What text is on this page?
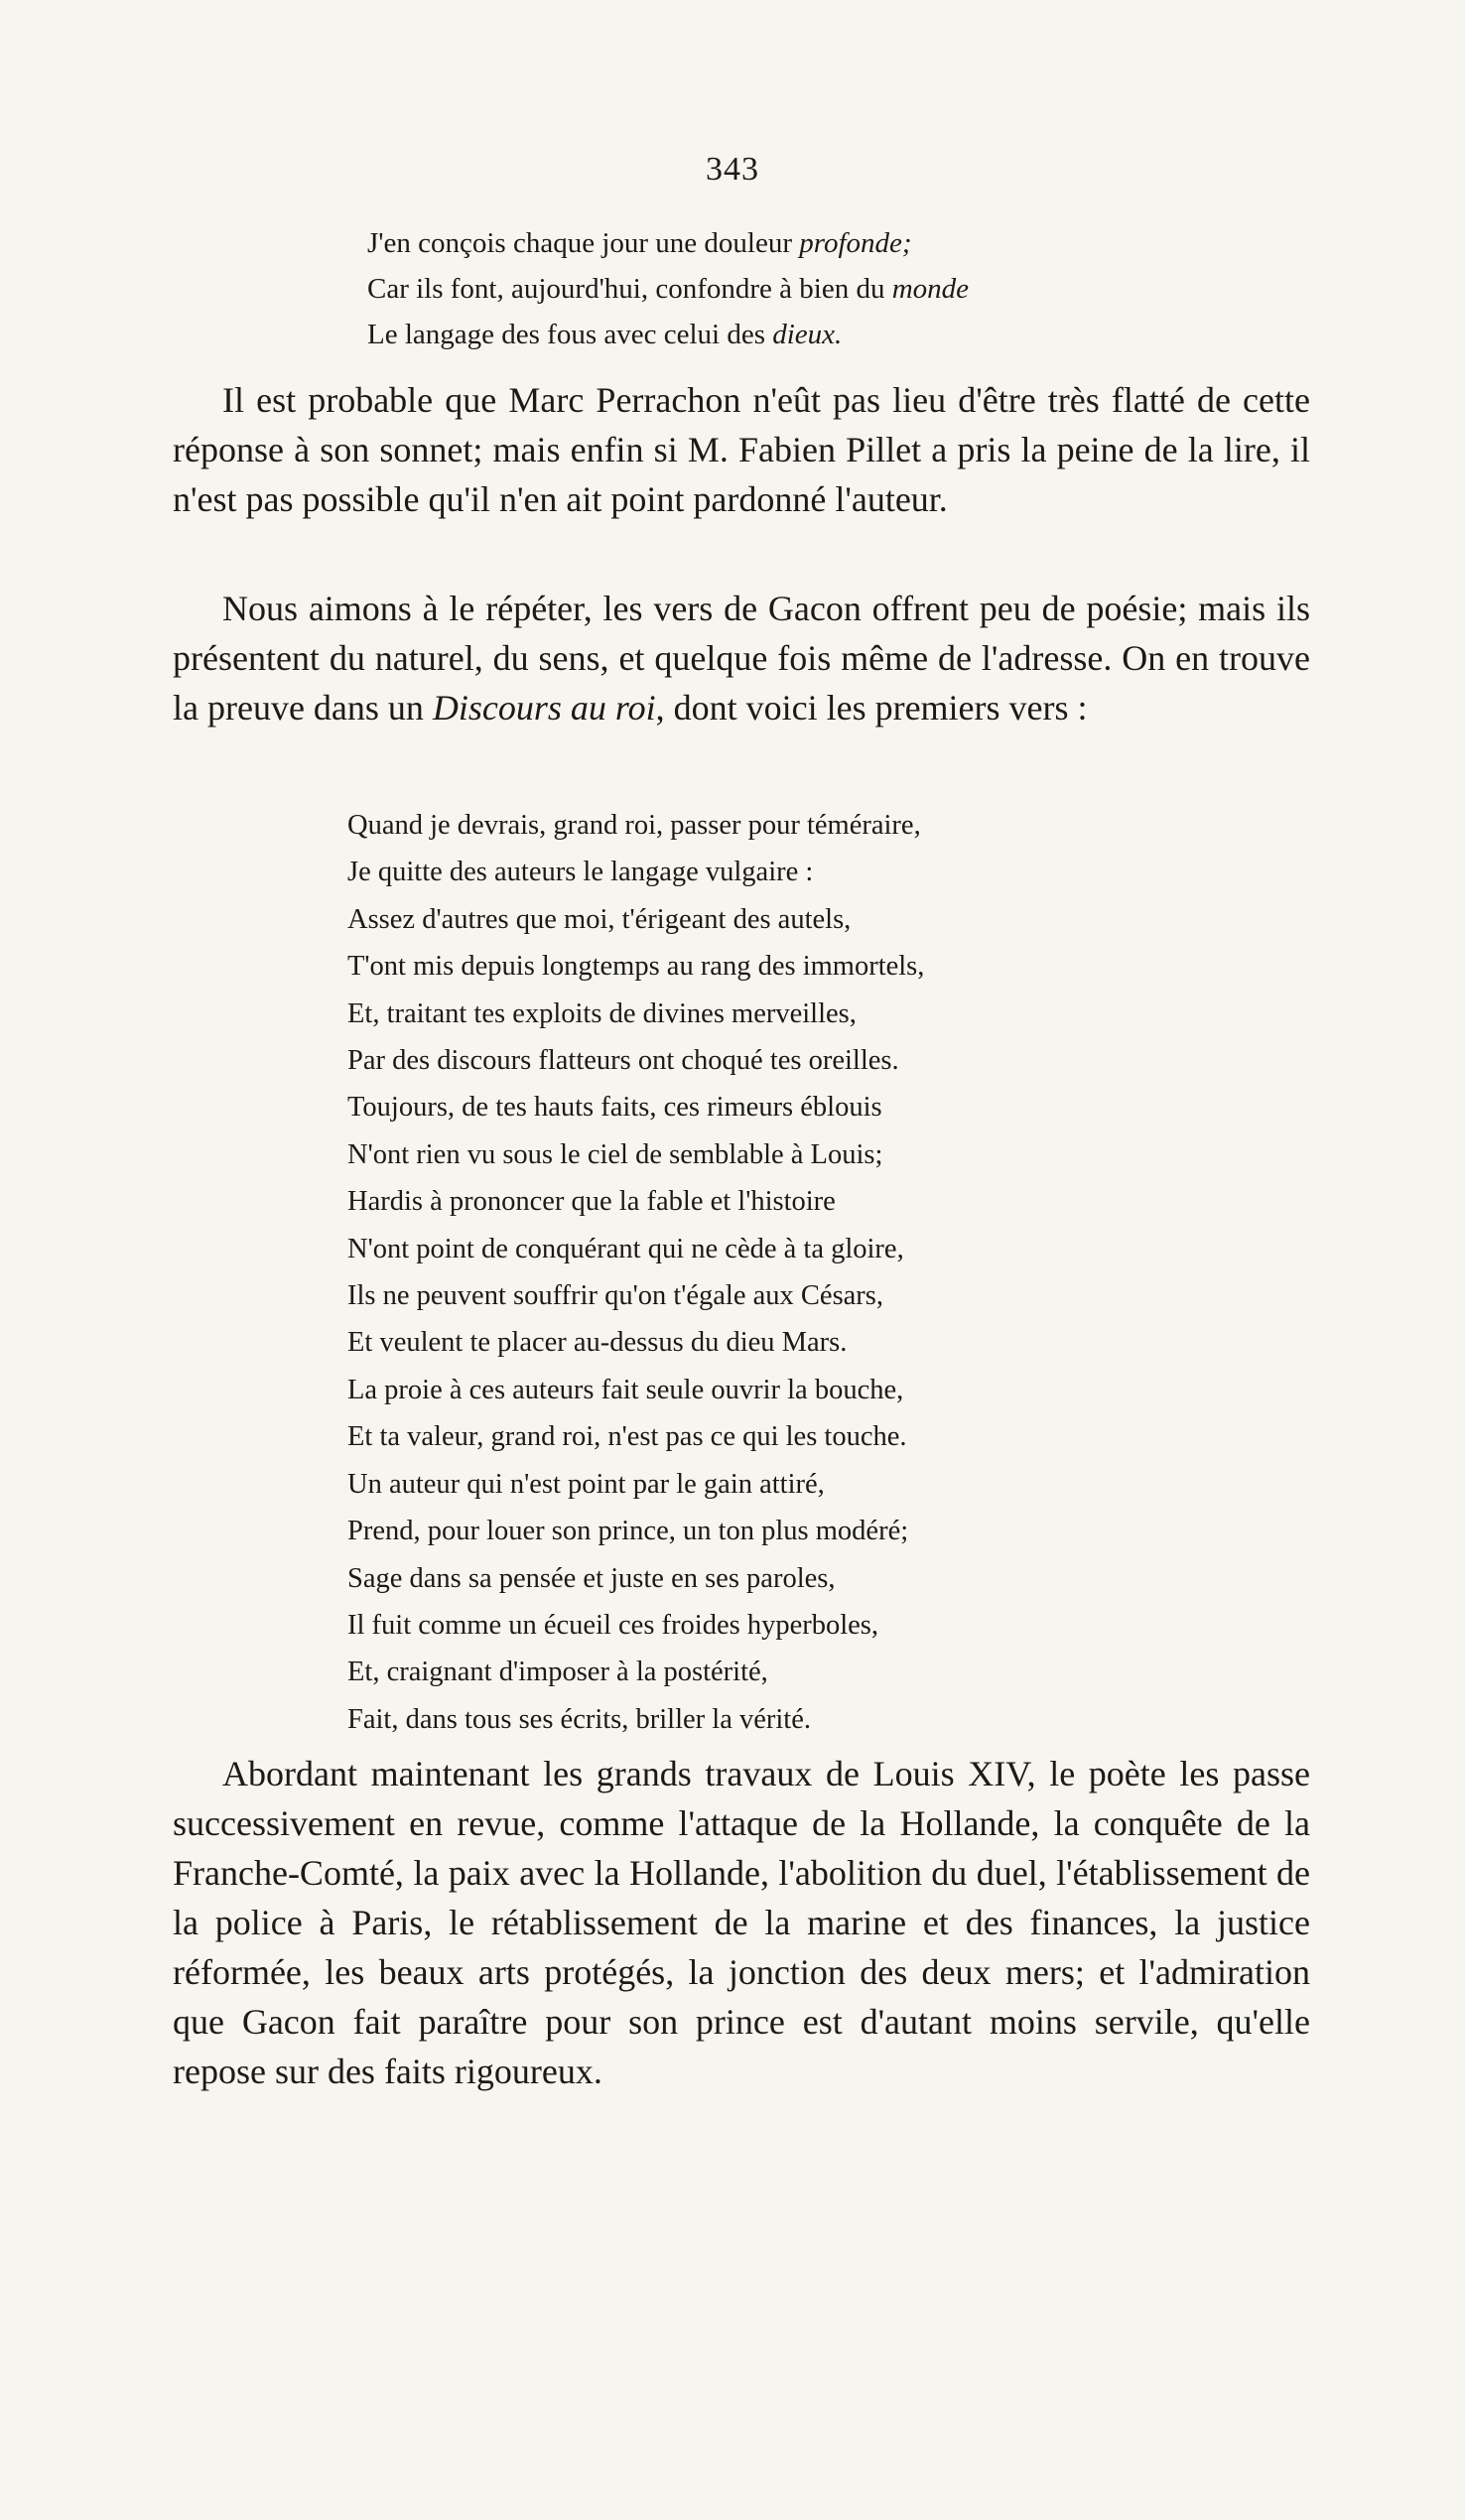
343
J'en conçois chaque jour une douleur profonde;
Car ils font, aujourd'hui, confondre à bien du monde
Le langage des fous avec celui des dieux.

Il est probable que Marc Perrachon n'eût pas lieu d'être très flatté de cette réponse à son sonnet; mais enfin si M. Fabien Pillet a pris la peine de la lire, il n'est pas possible qu'il n'en ait point pardonné l'auteur.

Nous aimons à le répéter, les vers de Gacon offrent peu de poésie; mais ils présentent du naturel, du sens, et quelque fois même de l'adresse. On en trouve la preuve dans un Discours au roi, dont voici les premiers vers :

Quand je devrais, grand roi, passer pour téméraire,
Je quitte des auteurs le langage vulgaire :
Assez d'autres que moi, t'érigeant des autels,
T'ont mis depuis longtemps au rang des immortels,
Et, traitant tes exploits de divines merveilles,
Par des discours flatteurs ont choqué tes oreilles.
Toujours, de tes hauts faits, ces rimeurs éblouis
N'ont rien vu sous le ciel de semblable à Louis;
Hardis à prononcer que la fable et l'histoire
N'ont point de conquérant qui ne cède à ta gloire,
Ils ne peuvent souffrir qu'on t'égale aux Césars,
Et veulent te placer au-dessus du dieu Mars.
La proie à ces auteurs fait seule ouvrir la bouche,
Et ta valeur, grand roi, n'est pas ce qui les touche.
Un auteur qui n'est point par le gain attiré,
Prend, pour louer son prince, un ton plus modéré;
Sage dans sa pensée et juste en ses paroles,
Il fuit comme un écueil ces froides hyperboles,
Et, craignant d'imposer à la postérité,
Fait, dans tous ses écrits, briller la vérité.

Abordant maintenant les grands travaux de Louis XIV, le poète les passe successivement en revue, comme l'attaque de la Hollande, la conquête de la Franche-Comté, la paix avec la Hollande, l'abolition du duel, l'établissement de la police à Paris, le rétablissement de la marine et des finances, la justice réformée, les beaux arts protégés, la jonction des deux mers; et l'admiration que Gacon fait paraître pour son prince est d'autant moins servile, qu'elle repose sur des faits rigoureux.
